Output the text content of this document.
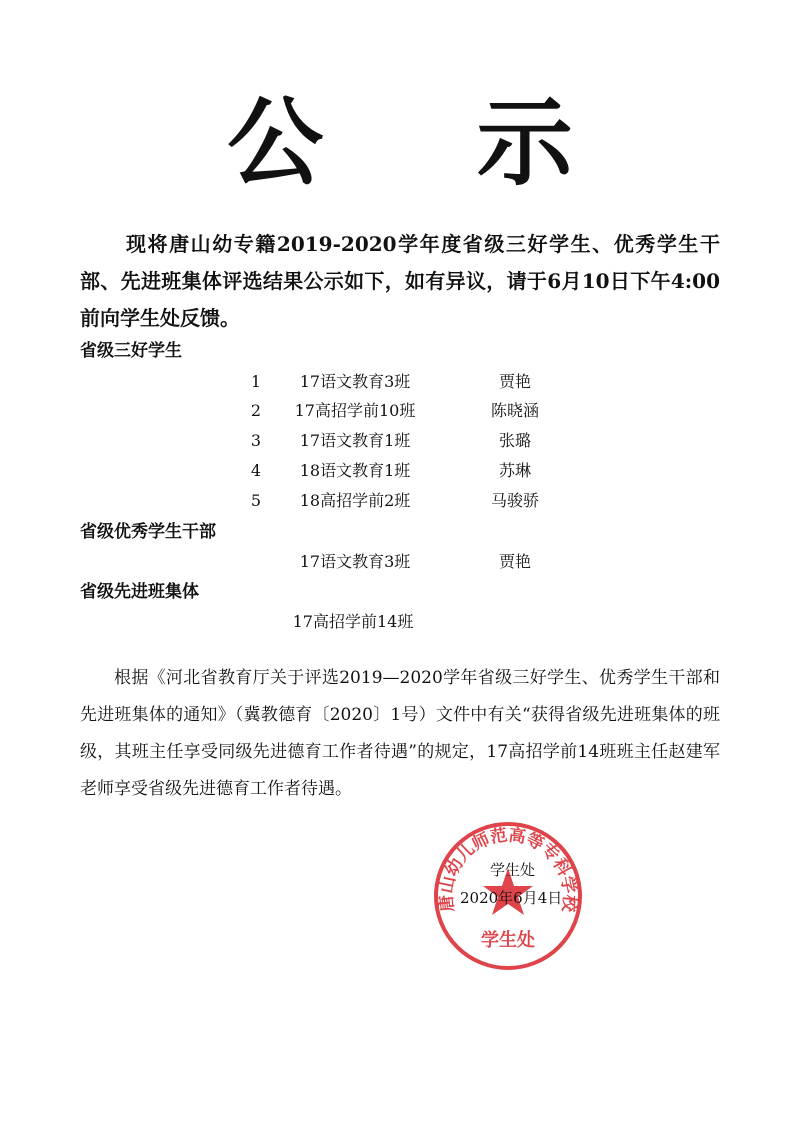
公 示
现将唐山幼专籍2019-2020学年度省级三好学生、优秀学生干部、先进班集体评选结果公示如下，如有异议，请于6月10日下午4:00前向学生处反馈。
省级三好学生
1	17语文教育3班	贾艳
2	17高招学前10班	陈晓涵
3	17语文教育1班	张璐
4	18语文教育1班	苏琳
5	18高招学前2班	马骏骄
省级优秀学生干部
17语文教育3班	贾艳
省级先进班集体
17高招学前14班
根据《河北省教育厅关于评选2019—2020学年省级三好学生、优秀学生干部和先进班集体的通知》（冀教德育〔2020〕1号）文件中有关“获得省级先进班集体的班级，其班主任享受同级先进德育工作者待遇”的规定，17高招学前14班班主任赵建军老师享受省级先进德育工作者待遇。
唐山幼儿师范高等专科学校
学生处
学生处
2020年6月4日
